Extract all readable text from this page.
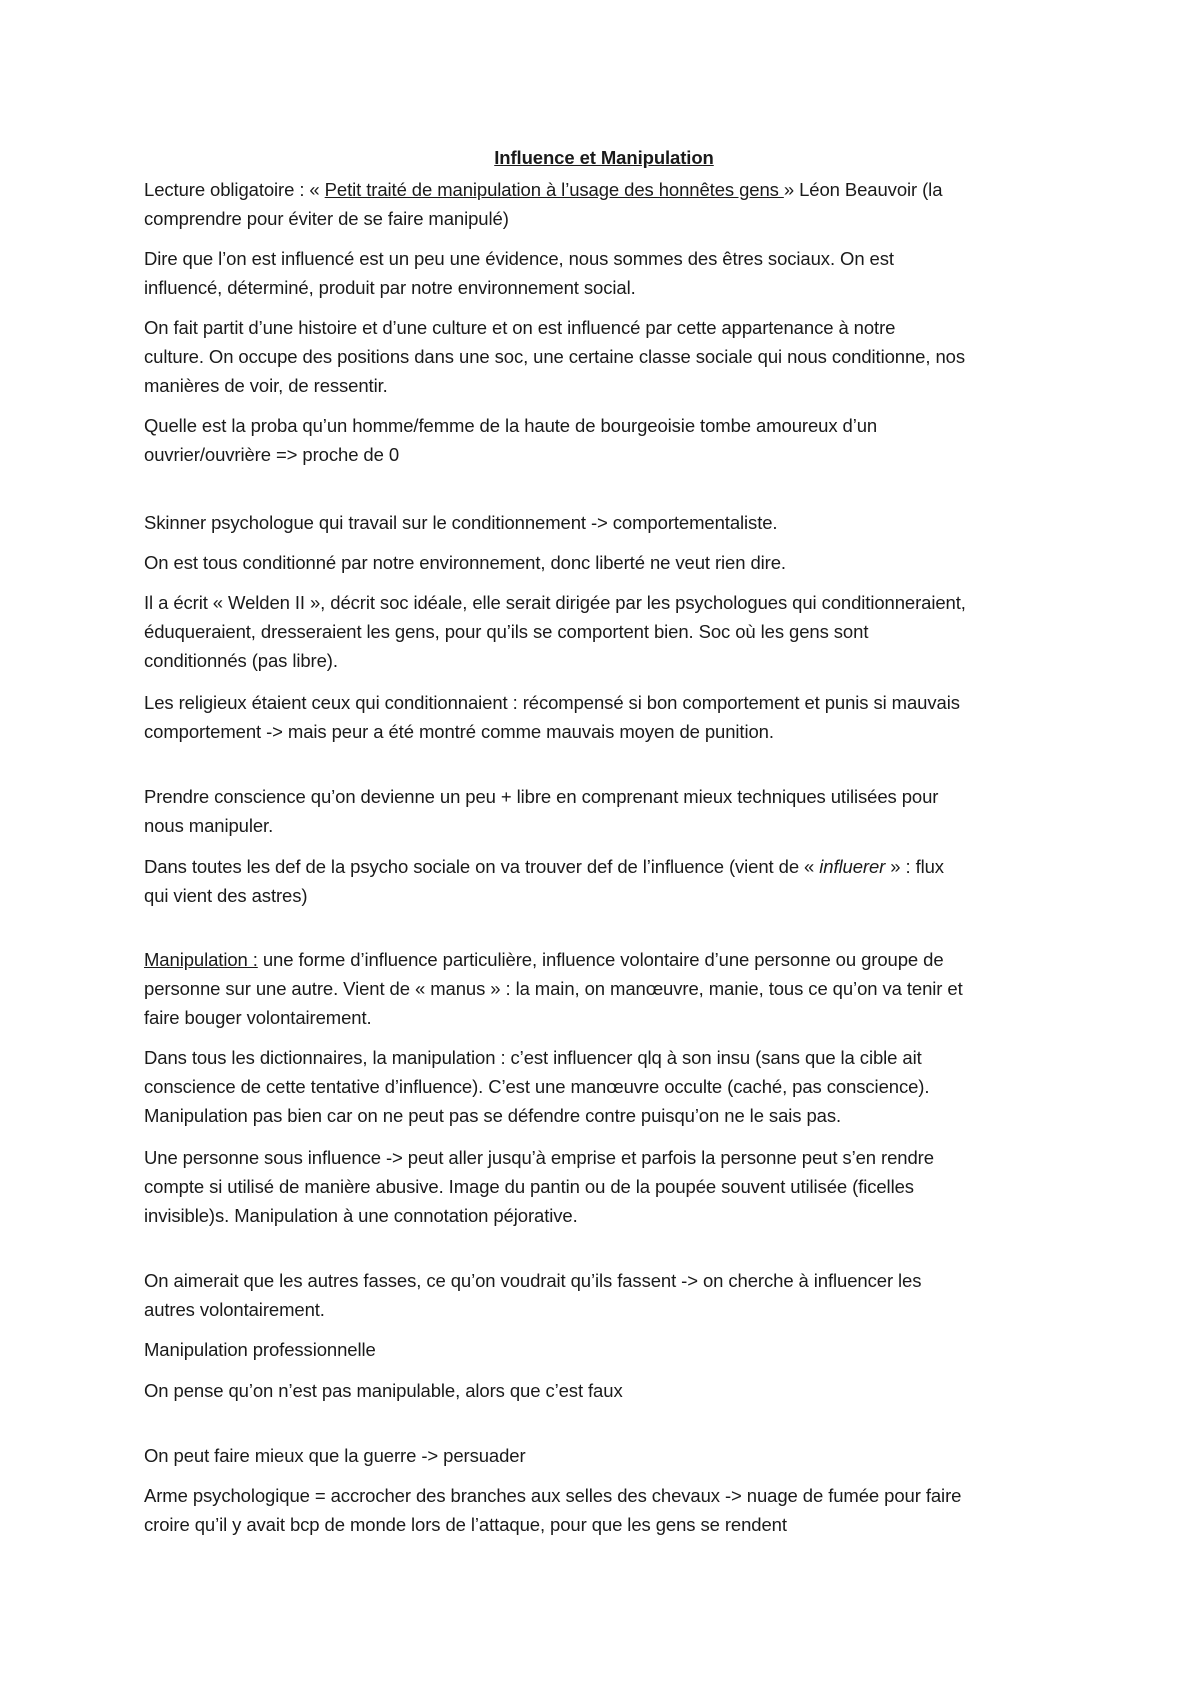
Influence et Manipulation

Lecture obligatoire : « Petit traité de manipulation à l’usage des honnêtes gens » Léon Beauvoir (la
comprendre pour éviter de se faire manipulé)

Dire que l’on est influencé est un peu une évidence, nous sommes des êtres sociaux. On est
influencé, déterminé, produit par notre environnement social.

On fait partit d’une histoire et d’une culture et on est influencé par cette appartenance à notre
culture. On occupe des positions dans une soc, une certaine classe sociale qui nous conditionne, nos
manières de voir, de ressentir.

Quelle est la proba qu’un homme/femme de la haute de bourgeoisie tombe amoureux d’un
ouvrier/ouvrière => proche de 0

Skinner psychologue qui travail sur le conditionnement -> comportementaliste.

On est tous conditionné par notre environnement, donc liberté ne veut rien dire.

Il a écrit « Welden II », décrit soc idéale, elle serait dirigée par les psychologues qui conditionneraient,
éduqueraient, dresseraient les gens, pour qu’ils se comportent bien. Soc où les gens sont
conditionnés (pas libre).

Les religieux étaient ceux qui conditionnaient : récompensé si bon comportement et punis si mauvais
comportement -> mais peur a été montré comme mauvais moyen de punition.

Prendre conscience qu’on devienne un peu + libre en comprenant mieux techniques utilisées pour
nous manipuler.

Dans toutes les def de la psycho sociale on va trouver def de l’influence (vient de « influerer » : flux
qui vient des astres)

Manipulation : une forme d’influence particulière, influence volontaire d’une personne ou groupe de
personne sur une autre. Vient de « manus » : la main, on manœuvre, manie, tous ce qu’on va tenir et
faire bouger volontairement.

Dans tous les dictionnaires, la manipulation : c’est influencer qlq à son insu (sans que la cible ait
conscience de cette tentative d’influence). C’est une manœuvre occulte (caché, pas conscience).
Manipulation pas bien car on ne peut pas se défendre contre puisqu’on ne le sais pas.

Une personne sous influence -> peut aller jusqu’à emprise et parfois la personne peut s’en rendre
compte si utilisé de manière abusive. Image du pantin ou de la poupée souvent utilisée (ficelles
invisible)s. Manipulation à une connotation péjorative.

On aimerait que les autres fasses, ce qu’on voudrait qu’ils fassent -> on cherche à influencer les
autres volontairement.

Manipulation professionnelle

On pense qu’on n’est pas manipulable, alors que c’est faux

On peut faire mieux que la guerre -> persuader

Arme psychologique = accrocher des branches aux selles des chevaux -> nuage de fumée pour faire
croire qu’il y avait bcp de monde lors de l’attaque, pour que les gens se rendent
